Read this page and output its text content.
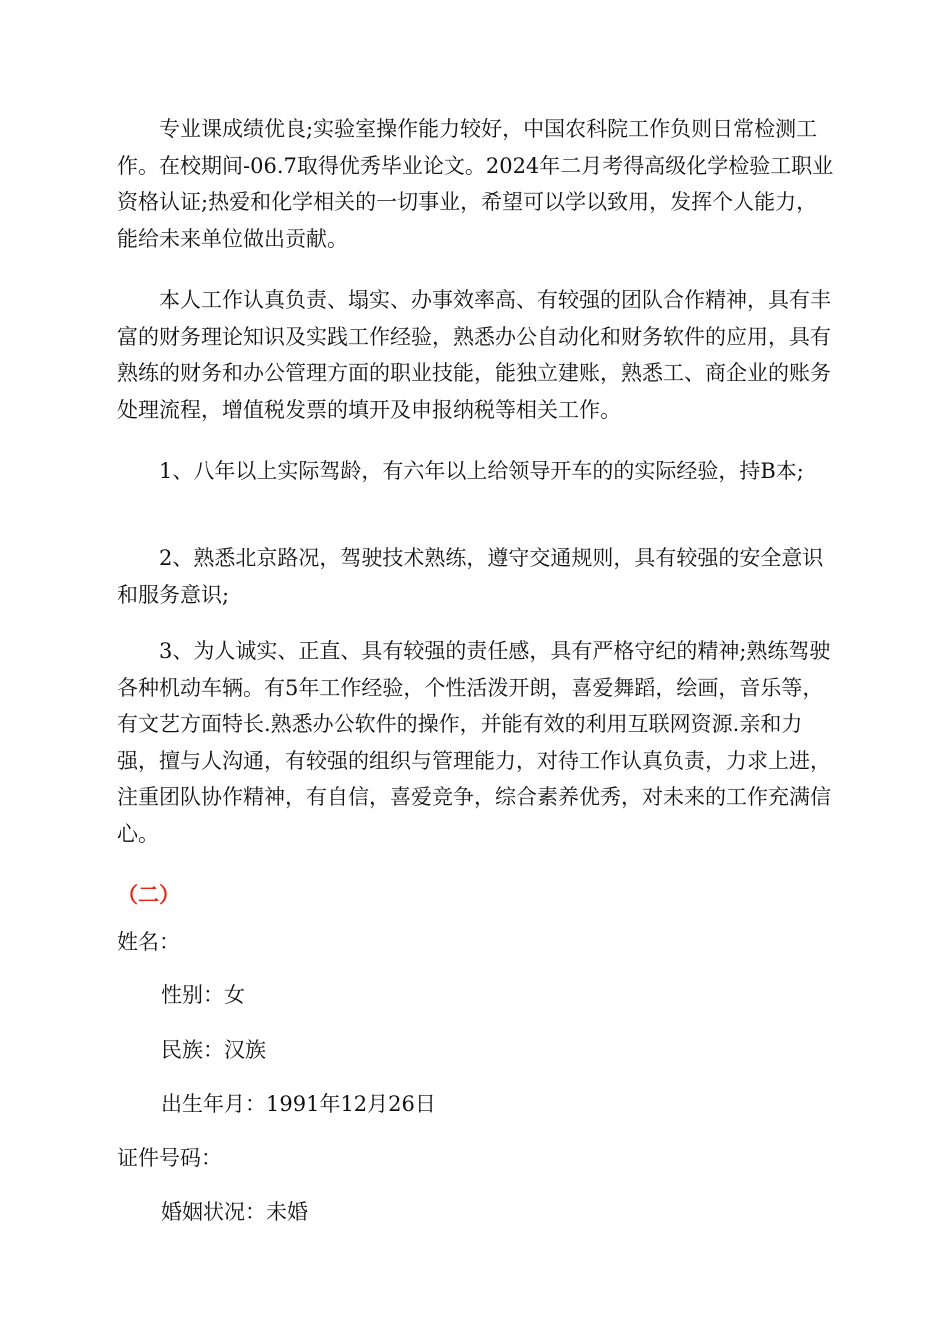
专业课成绩优良;实验室操作能力较好，中国农科院工作负则日常检测工作。在校期间-06.7取得优秀毕业论文。2024年二月考得高级化学检验工职业资格认证;热爱和化学相关的一切事业，希望可以学以致用，发挥个人能力，能给未来单位做出贡献。

本人工作认真负责、塌实、办事效率高、有较强的团队合作精神，具有丰富的财务理论知识及实践工作经验，熟悉办公自动化和财务软件的应用，具有熟练的财务和办公管理方面的职业技能，能独立建账，熟悉工、商企业的账务处理流程，增值税发票的填开及申报纳税等相关工作。

1、八年以上实际驾龄，有六年以上给领导开车的的实际经验，持B本;

2、熟悉北京路况，驾驶技术熟练，遵守交通规则，具有较强的安全意识和服务意识;

3、为人诚实、正直、具有较强的责任感，具有严格守纪的精神;熟练驾驶各种机动车辆。有5年工作经验，个性活泼开朗，喜爱舞蹈，绘画，音乐等，有文艺方面特长.熟悉办公软件的操作，并能有效的利用互联网资源.亲和力强，擅与人沟通，有较强的组织与管理能力，对待工作认真负责，力求上进，注重团队协作精神，有自信，喜爱竞争，综合素养优秀，对未来的工作充满信心。

（二）
姓名：
性别：女
民族：汉族
出生年月：1991年12月26日
证件号码：
婚姻状况：未婚
